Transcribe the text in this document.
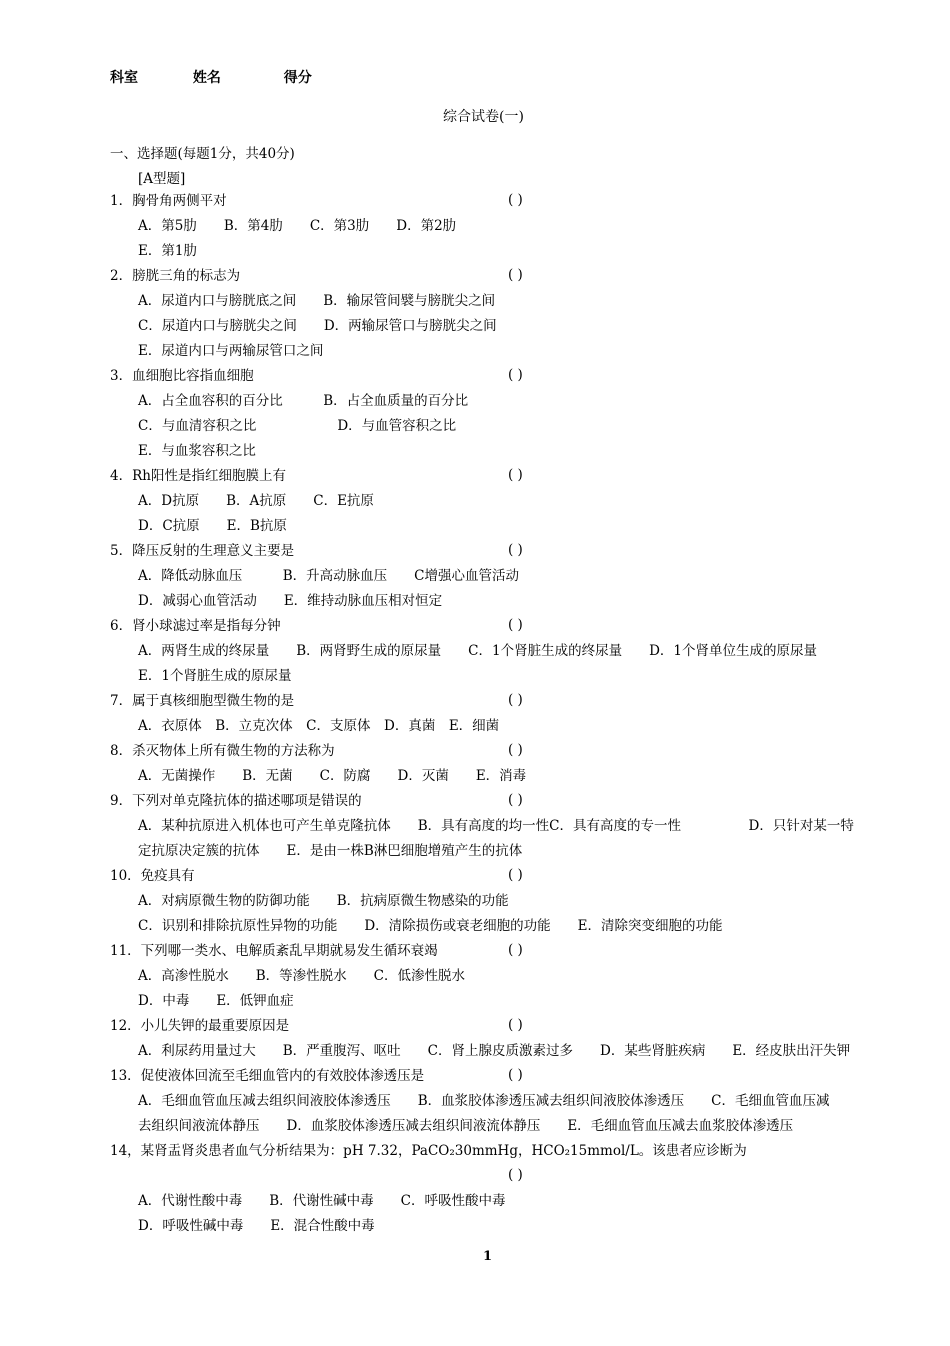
科室	姓名	得分
综合试卷(一)
一、选择题(每题1分，共40分)
[A型题]
1．胸骨角两侧平对	( )
A．第5肋　　B．第4肋　　C．第3肋　　D．第2肋
E．第1肋
2．膀胱三角的标志为	( )
A．尿道内口与膀胱底之间　　B．输尿管间襞与膀胱尖之间
C．尿道内口与膀胱尖之间　　D．两输尿管口与膀胱尖之间
E．尿道内口与两输尿管口之间
3．血细胞比容指血细胞	( )
A．占全血容积的百分比　　　B．占全血质量的百分比
C．与血清容积之比　　　　　　D．与血管容积之比
E．与血浆容积之比
4．Rh阳性是指红细胞膜上有	( )
A．D抗原　　B．A抗原　　C．E抗原
D．C抗原　　E．B抗原
5．降压反射的生理意义主要是	( )
A．降低动脉血压　　　B．升高动脉血压　　C增强心血管活动
D．减弱心血管活动　　E．维持动脉血压相对恒定
6．肾小球滤过率是指每分钟	( )
A．两肾生成的终尿量　　B．两肾野生成的原尿量　　C．1个肾脏生成的终尿量　　D．1个肾单位生成的原尿量
E．1个肾脏生成的原尿量
7．属于真核细胞型微生物的是	( )
A．衣原体　B．立克次体　C．支原体　D．真菌　E．细菌
8．杀灭物体上所有微生物的方法称为	( )
A．无菌操作　　B．无菌　　C．防腐　　D．灭菌　　E．消毒
9．下列对单克隆抗体的描述哪项是错误的	( )
A．某种抗原进入机体也可产生单克隆抗体　　B．具有高度的均一性C．具有高度的专一性　　　　　D．只针对某一特
定抗原决定簇的抗体　　E．是由一株B淋巴细胞增殖产生的抗体
10．免疫具有	( )
A．对病原微生物的防御功能　　B．抗病原微生物感染的功能
C．识别和排除抗原性异物的功能　　D．清除损伤或衰老细胞的功能　　E．清除突变细胞的功能
11．下列哪一类水、电解质紊乱早期就易发生循环衰竭	( )
A．高渗性脱水　　B．等渗性脱水　　C．低渗性脱水
D．中毒　　E．低钾血症
12．小儿失钾的最重要原因是	( )
A．利尿药用量过大　　B．严重腹泻、呕吐　　C．肾上腺皮质激素过多　　D．某些肾脏疾病　　E．经皮肤出汗失钾
13．促使液体回流至毛细血管内的有效胶体渗透压是	( )
A．毛细血管血压减去组织间液胶体渗透压　　B．血浆胶体渗透压减去组织间液胶体渗透压　　C．毛细血管血压减
去组织间液流体静压　　D．血浆胶体渗透压减去组织间液流体静压　　E．毛细血管血压减去血浆胶体渗透压
14，某肾盂肾炎患者血气分析结果为：pH 7.32，PaCO₂30mmHg，HCO₂15mmol/L。该患者应诊断为
( )
A．代谢性酸中毒　　B．代谢性碱中毒　　C．呼吸性酸中毒
D．呼吸性碱中毒　　E．混合性酸中毒
1
